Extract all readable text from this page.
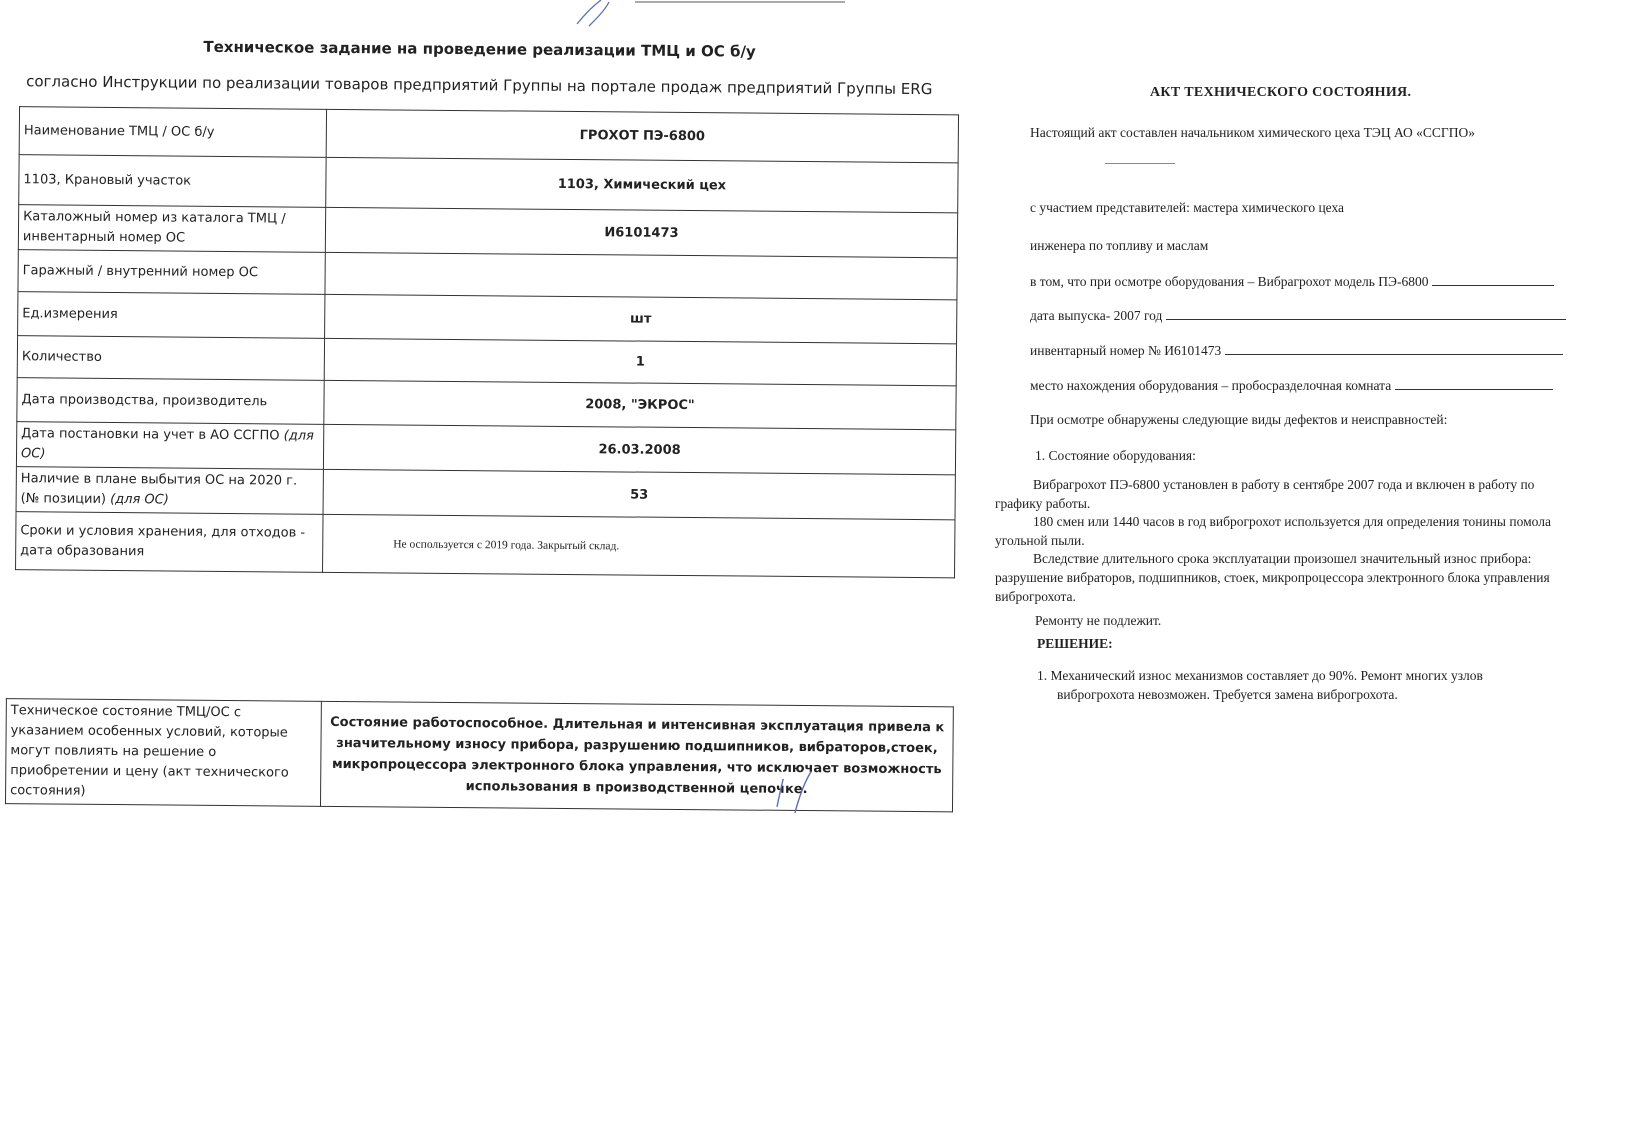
Техническое задание на проведение реализации ТМЦ и ОС б/у
согласно Инструкции по реализации товаров предприятий Группы на портале продаж предприятий Группы ERG
Наименование ТМЦ / ОС б/у	ГРОХОТ ПЭ-6800
1103, Крановый участок	1103, Химический цех
Каталожный номер из каталога ТМЦ / инвентарный номер ОС	И6101473
Гаражный / внутренний номер ОС	
Ед.измерения	шт
Количество	1
Дата производства, производитель	2008, "ЭКРОС"
Дата постановки на учет в АО ССГПО (для ОС)	26.03.2008
Наличие в плане выбытия ОС на 2020 г. (№ позиции) (для ОС)	53
Сроки и условия хранения, для отходов - дата образования	Не оспользуется с 2019 года. Закрытый склад.
Техническое состояние ТМЦ/ОС с указанием особенных условий, которые могут повлиять на решение о приобретении и цену (акт технического состояния)	Состояние работоспособное. Длительная и интенсивная эксплуатация привела к значительному износу прибора, разрушению подшипников, вибраторов,стоек, микропроцессора электронного блока управления, что исключает возможность использования в производственной цепочке.
АКТ ТЕХНИЧЕСКОГО СОСТОЯНИЯ.
Настоящий акт составлен начальником химического цеха ТЭЦ АО «ССГПО»
с участием представителей: мастера химического цеха
инженера по топливу и маслам
в том, что при осмотре оборудования – Вибрагрохот модель ПЭ-6800
дата выпуска- 2007 год
инвентарный номер № И6101473
место нахождения оборудования – пробоcразделочная комната
При осмотре обнаружены следующие виды дефектов и неисправностей:
1. Состояние оборудования:
Вибрагрохот ПЭ-6800 установлен в работу в сентябре 2007 года и включен в работу по графику работы.
180 смен или 1440 часов в год виброгрохот используется для определения тонины помола угольной пыли.
Вследствие длительного срока эксплуатации произошел значительный износ прибора: разрушение вибраторов, подшипников, стоек, микропроцессора электронного блока управления виброгрохота.
Ремонту не подлежит.
РЕШЕНИЕ:
1. Механический износ механизмов составляет до 90%. Ремонт многих узлов виброгрохота невозможен. Требуется замена виброгрохота.
